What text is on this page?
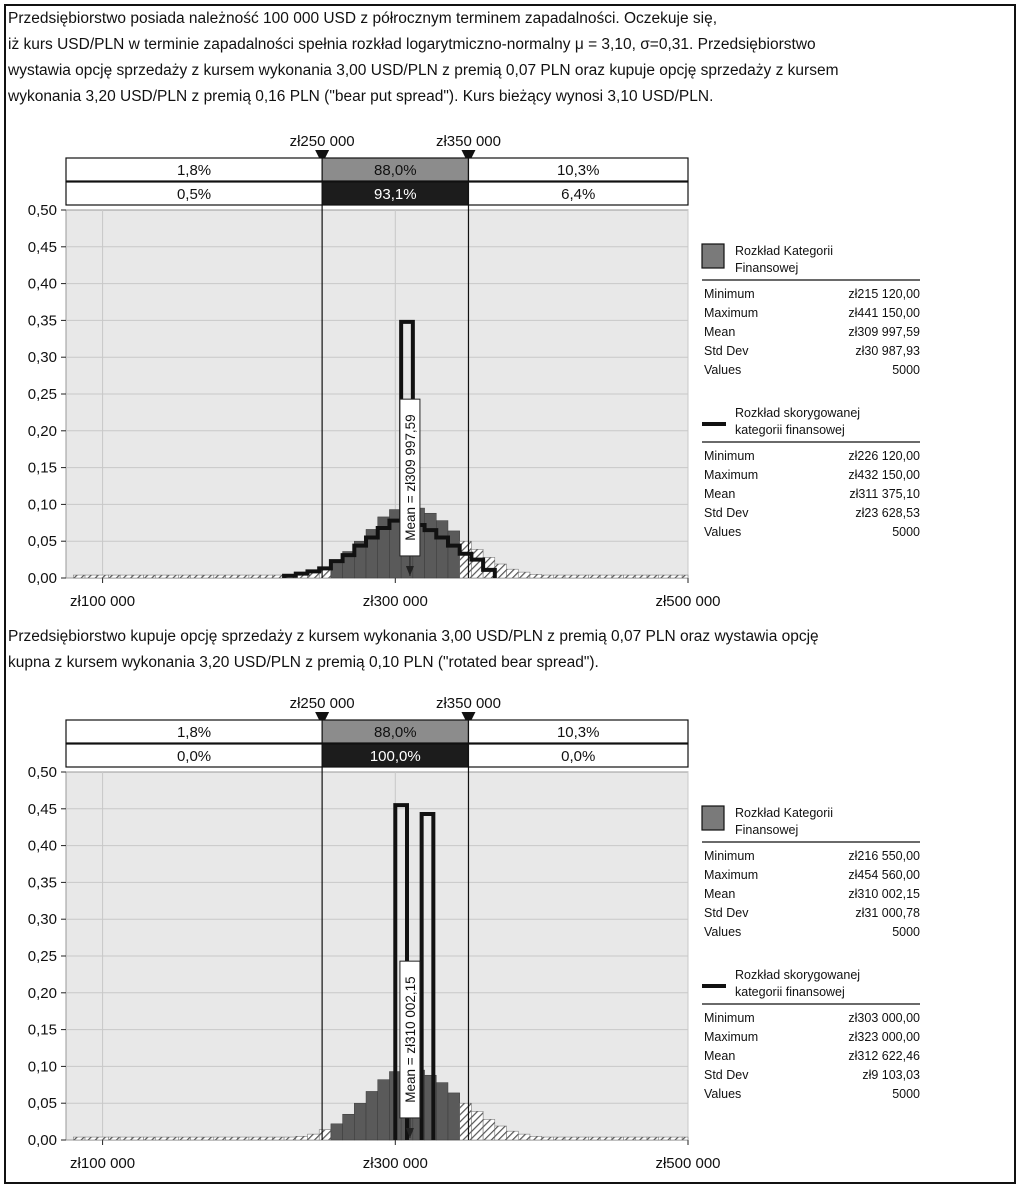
Przedsiębiorstwo posiada należność 100 000 USD z półrocznym terminem zapadalności. Oczekuje się,

iż kurs USD/PLN w terminie zapadalności spełnia rozkład logarytmiczno-normalny μ = 3,10, σ=0,31. Przedsiębiorstwo

wystawia opcję sprzedaży z kursem wykonania 3,00 USD/PLN z premią 0,07 PLN oraz kupuje opcję sprzedaży z kursem

wykonania 3,20 USD/PLN z premią 0,16 PLN ("bear put spread"). Kurs bieżący wynosi 3,10 USD/PLN.

0,50
0,45
0,40
0,35
0,30
0,25
0,20
0,15
0,10
0,05
0,00
zł100 000	zł300 000	zł500 000
zł250 000	zł350 000
1,8%	88,0%	10,3%
0,5%	93,1%	6,4%
Mean = zł309 997,59
Rozkład Kategorii
Finansowej
Minimum	zł215 120,00
Maximum	zł441 150,00
Mean	zł309 997,59
Std Dev	zł30 987,93
Values	5000
Rozkład skorygowanej
kategorii finansowej
Minimum	zł226 120,00
Maximum	zł432 150,00
Mean	zł311 375,10
Std Dev	zł23 628,53
Values	5000

Przedsiębiorstwo kupuje opcję sprzedaży z kursem wykonania 3,00 USD/PLN z premią 0,07 PLN oraz wystawia opcję

kupna z kursem wykonania 3,20 USD/PLN z premią 0,10 PLN ("rotated bear spread").

0,50
0,45
0,40
0,35
0,30
0,25
0,20
0,15
0,10
0,05
0,00
zł100 000	zł300 000	zł500 000
zł250 000	zł350 000
1,8%	88,0%	10,3%
0,0%	100,0%	0,0%
Mean = zł310 002,15
Rozkład Kategorii
Finansowej
Minimum	zł216 550,00
Maximum	zł454 560,00
Mean	zł310 002,15
Std Dev	zł31 000,78
Values	5000
Rozkład skorygowanej
kategorii finansowej
Minimum	zł303 000,00
Maximum	zł323 000,00
Mean	zł312 622,46
Std Dev	zł9 103,03
Values	5000
